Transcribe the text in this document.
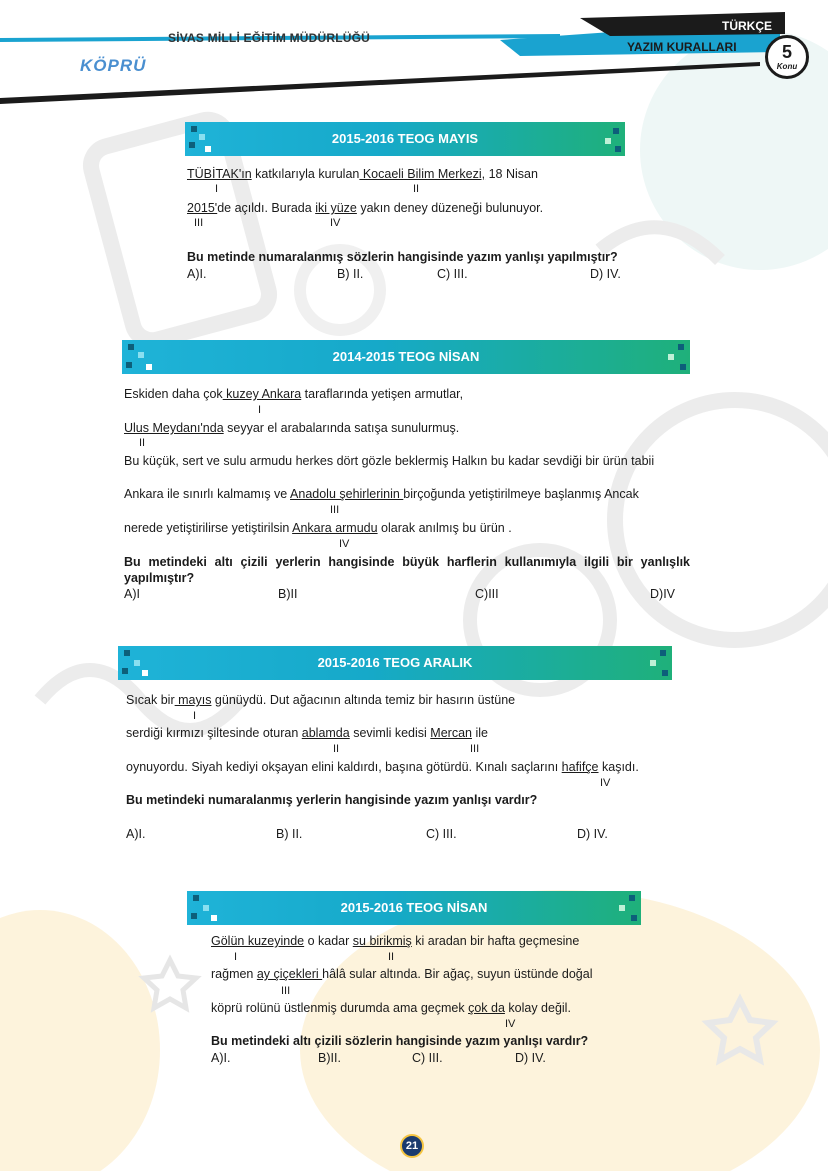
SİVAS MİLLİ EĞİTİM MÜDÜRLÜĞÜ
KÖPRÜ
TÜRKÇE
YAZIM KURALLARI	5
Konu
2015-2016 TEOG MAYIS
TÜBİTAK'ın katkılarıyla kurulan Kocaeli Bilim Merkezi, 18 Nisan
I	II
2015'de açıldı. Burada iki yüze yakın deney düzeneği bulunuyor.
III	IV
Bu metinde numaralanmış sözlerin hangisinde yazım yanlışı yapılmıştır?
A)I.	B) II.	C) III.	D) IV.
2014-2015 TEOG NİSAN
Eskiden daha çok kuzey Ankara taraflarında yetişen armutlar,
I
Ulus Meydanı'nda seyyar el arabalarında satışa sunulurmuş.
II
Bu küçük, sert ve sulu armudu herkes dört gözle beklermiş Halkın bu kadar sevdiği bir ürün tabii
Ankara ile sınırlı kalmamış ve Anadolu şehirlerinin birçoğunda yetiştirilmeye başlanmış Ancak
III
nerede yetiştirilirse yetiştirilsin Ankara armudu olarak anılmış bu ürün .
IV
Bu metindeki altı çizili yerlerin hangisinde büyük harflerin kullanımıyla ilgili bir yanlışlık yapılmıştır?
A)I	B)II	C)III	D)IV
2015-2016 TEOG ARALIK
Sıcak bir mayıs günüydü. Dut ağacının altında temiz bir hasırın üstüne
I
serdiği kırmızı şiltesinde oturan ablamda sevimli kedisi Mercan ile
II	III
oynuyordu. Siyah kediyi okşayan elini kaldırdı, başına götürdü. Kınalı saçlarını hafifçe kaşıdı.
IV
Bu metindeki numaralanmış yerlerin hangisinde yazım yanlışı vardır?
A)I.	B) II.	C) III.	D) IV.
2015-2016 TEOG NİSAN
Gölün kuzeyinde o kadar su birikmiş ki aradan bir hafta geçmesine
I	II
rağmen ay çiçekleri hâlâ sular altında. Bir ağaç, suyun üstünde doğal
III
köprü rolünü üstlenmiş durumda ama geçmek çok da kolay değil.
IV
Bu metindeki altı çizili sözlerin hangisinde yazım yanlışı vardır?
A)I.	B)II.	C) III.	D) IV.
21
